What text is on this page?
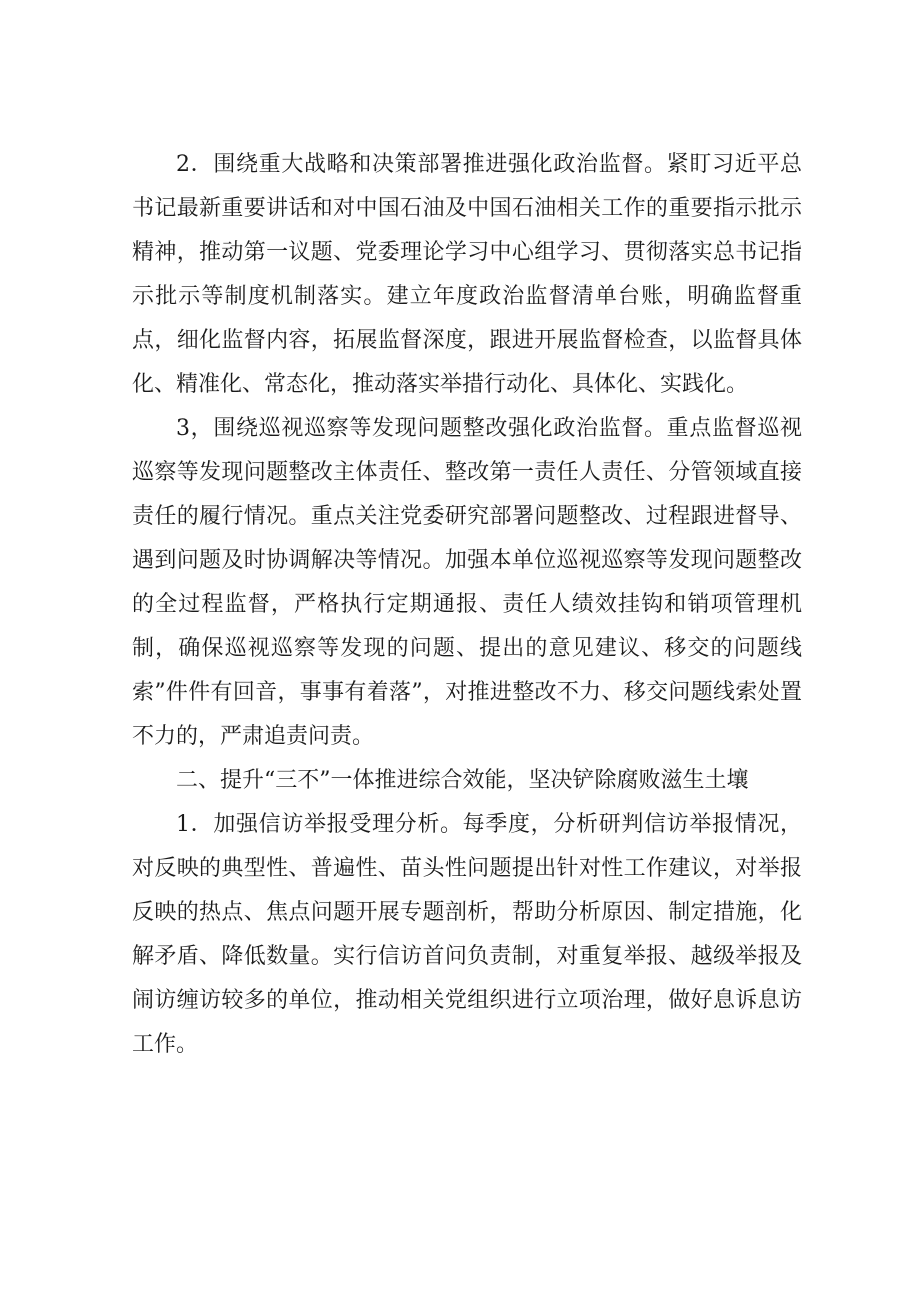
2．围绕重大战略和决策部署推进强化政治监督。紧盯习近平总书记最新重要讲话和对中国石油及中国石油相关工作的重要指示批示精神，推动第一议题、党委理论学习中心组学习、贯彻落实总书记指示批示等制度机制落实。建立年度政治监督清单台账，明确监督重点，细化监督内容，拓展监督深度，跟进开展监督检查，以监督具体化、精准化、常态化，推动落实举措行动化、具体化、实践化。

3，围绕巡视巡察等发现问题整改强化政治监督。重点监督巡视巡察等发现问题整改主体责任、整改第一责任人责任、分管领域直接责任的履行情况。重点关注党委研究部署问题整改、过程跟进督导、遇到问题及时协调解决等情况。加强本单位巡视巡察等发现问题整改的全过程监督，严格执行定期通报、责任人绩效挂钩和销项管理机制，确保巡视巡察等发现的问题、提出的意见建议、移交的问题线索”件件有回音，事事有着落”，对推进整改不力、移交问题线索处置不力的，严肃追责问责。

二、提升“三不”一体推进综合效能，坚决铲除腐败滋生土壤

1．加强信访举报受理分析。每季度，分析研判信访举报情况，对反映的典型性、普遍性、苗头性问题提出针对性工作建议，对举报反映的热点、焦点问题开展专题剖析，帮助分析原因、制定措施，化解矛盾、降低数量。实行信访首问负责制，对重复举报、越级举报及闹访缠访较多的单位，推动相关党组织进行立项治理，做好息诉息访工作。
